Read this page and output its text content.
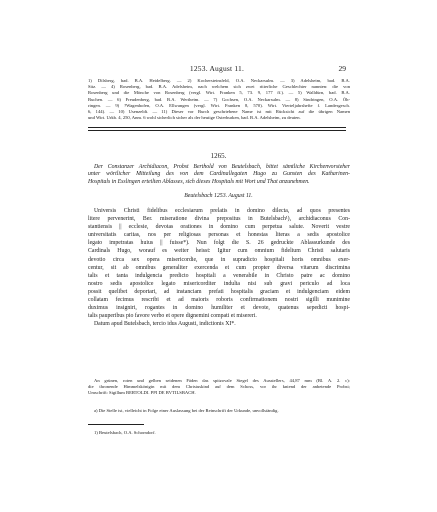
1253. August 11.	29

1) Dilsberg, bad. B.A. Heidelberg. — 2) Kochersteinsfeld, O.A. Neckarsulm. — 3) Adelsheim, bad. B.A.

Sitz. — 4) Rosenberg, bad. B.A. Adelsheim, nach welchem sich zwei ritterliche Geschlechter nannten: die von

Rosenberg und die Mönche von Rosenberg (vergl. Wirt. Franken 5, 73. 9, 177 ff.). — 5) Walldürn, bad. B.A.

Buchen. — 6) Freudenberg, bad. B.A. Wertheim. — 7) Gochsen, O.A. Neckarsulm. — 8) Sindringen, O.A. Öh-

ringen. — 9) ?Wagenhofen, O.A. Ellwangen (vergl. Wirt. Franken 8, 570). Wirt. Vierteljahrshefte f. Landesgesch.

6, 144). — 10) Usenzeldt. — 11) Dieser vor Burch geschriebene Name ist mit Rücksicht auf die übrigen Namen

und Wirt. Urkb. 4, 250, Anm. 6 wohl sicherlich sicher als der heutige Osterburken, bad. B.A. Adelsheim, zu deuten.

1265.

Der Constanzer Archidiacon, Probst Berthold von Beutelsbach, bittet sämtliche Kirchenvorsteher

unter wörtlicher Mitteilung des von dem Cardinallegaten Hugo zu Gunsten des Katharinen-

Hospitals in Esslingen erteilten Ablasses, sich dieses Hospitals mit Wort und That anzunehmen.

Beutelsbach 1253. August 11.

Universis Christi fidelibus ecclesiarum prelatis in domino dilecta, ad quos presentes

litere pervenerint, Ber. miseratione divina prepositus in Butelsbach¹), archidiaconus Con-

stantiensis || ecclesie, devotas orationes in domino cum perpetua salute. Noverit vestre

universitatis caritas, nos per religiosas personas et honestas literas a sedis apostolice

legato impetratas huius || fuisse*). Nun folgt die S. 26 gedruckte Ablassurkunde des

Cardinals Hugo, worauf es weiter heisst: Igitur cum omnium fidelium Christi salutaris

devotio circa sex opera misericordie, que in supradicto hospitali horis omnibus exer-

centur, sit ab omnibus generaliter exercenda et cum propter diversa vitarum discrimina

talis et tanta indulgencia predicto hospitali a venerabile in Christo patre ac domino

nostro sedis apostolice legato misericorditer indulta nisi sub gravi periculo ad loca

possit quelibet deportari, ad instanciam prefati hospitalis graciam et indulgenciam eidem

collatam fecimus rescribi et ad maioris roboris confirmationem nostri sigilli munimine

duximus insigniri, rogantes in domino humiliter et devote, quatenus sepedicti hospi-

talis pauperibus pio favore verbo et opere dignemini compati et misereri.

Datum apud Butelsbach, tercio idus Augusti, indictionis XI*.

An grünen, roten und gelben seidenen Fäden das spitzovale Siegel des Ausstellers, 44,87 mm (Bl. A. 2. c):

die thronende Himmelskönigin mit dem Christuskind auf dem Schoss, vor ihr kniend der anbetende Probst;

Umschrift: Sigillum BERTOLDI. PPI DE BVTILSBACH.

a) Die Stelle ist, vielleicht in Folge einer Auslassung bei der Reinschrift der Urkunde, unvollständig.

1) Beutelsbach, O.A. Schorndorf.
